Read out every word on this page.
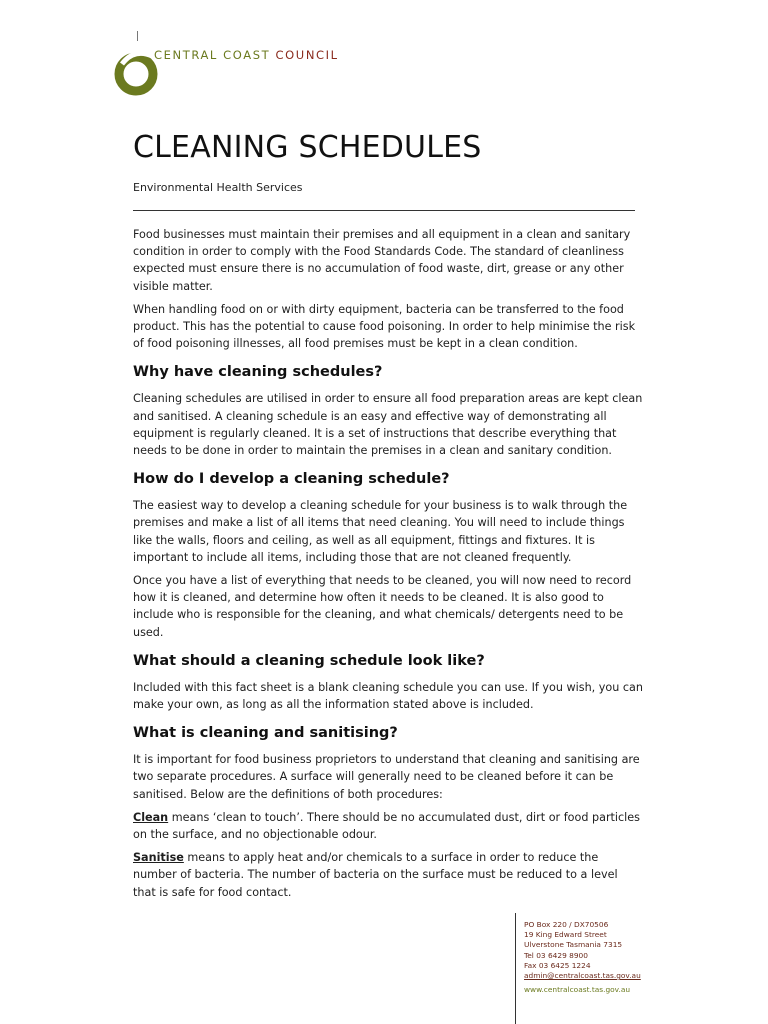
CENTRAL COAST COUNCIL
CLEANING SCHEDULES
Environmental Health Services

Food businesses must maintain their premises and all equipment in a clean and sanitary condition in order to comply with the Food Standards Code. The standard of cleanliness expected must ensure there is no accumulation of food waste, dirt, grease or any other visible matter.

When handling food on or with dirty equipment, bacteria can be transferred to the food product. This has the potential to cause food poisoning. In order to help minimise the risk of food poisoning illnesses, all food premises must be kept in a clean condition.

Why have cleaning schedules?

Cleaning schedules are utilised in order to ensure all food preparation areas are kept clean and sanitised. A cleaning schedule is an easy and effective way of demonstrating all equipment is regularly cleaned. It is a set of instructions that describe everything that needs to be done in order to maintain the premises in a clean and sanitary condition.

How do I develop a cleaning schedule?

The easiest way to develop a cleaning schedule for your business is to walk through the premises and make a list of all items that need cleaning. You will need to include things like the walls, floors and ceiling, as well as all equipment, fittings and fixtures. It is important to include all items, including those that are not cleaned frequently.

Once you have a list of everything that needs to be cleaned, you will now need to record how it is cleaned, and determine how often it needs to be cleaned. It is also good to include who is responsible for the cleaning, and what chemicals/ detergents need to be used.

What should a cleaning schedule look like?

Included with this fact sheet is a blank cleaning schedule you can use. If you wish, you can make your own, as long as all the information stated above is included.

What is cleaning and sanitising?

It is important for food business proprietors to understand that cleaning and sanitising are two separate procedures. A surface will generally need to be cleaned before it can be sanitised. Below are the definitions of both procedures:

Clean means ‘clean to touch’. There should be no accumulated dust, dirt or food particles on the surface, and no objectionable odour.

Sanitise means to apply heat and/or chemicals to a surface in order to reduce the number of bacteria. The number of bacteria on the surface must be reduced to a level that is safe for food contact.

PO Box 220 / DX70506
19 King Edward Street
Ulverstone Tasmania 7315
Tel 03 6429 8900
Fax 03 6425 1224
admin@centralcoast.tas.gov.au
www.centralcoast.tas.gov.au
